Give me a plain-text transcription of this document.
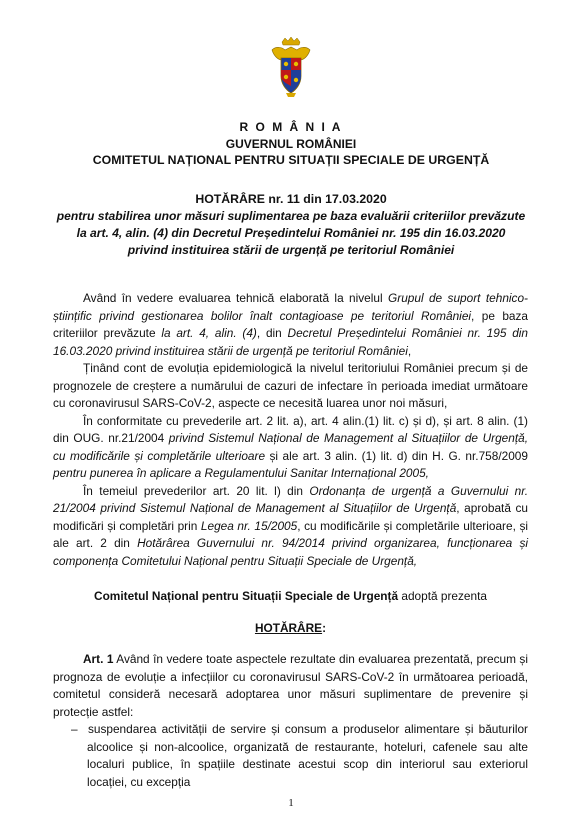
R O M Â N I A
GUVERNUL ROMÂNIEI
COMITETUL NAȚIONAL PENTRU SITUAȚII SPECIALE DE URGENȚĂ
HOTĂRÂRE nr. 11 din 17.03.2020
pentru stabilirea unor măsuri suplimentarea pe baza evaluării criteriilor prevăzute la art. 4, alin. (4) din Decretul Președintelui României nr. 195 din 16.03.2020 privind instituirea stării de urgență pe teritoriul României

Având în vedere evaluarea tehnică elaborată la nivelul Grupul de suport tehnico-științific privind gestionarea bolilor înalt contagioase pe teritoriul României, pe baza criteriilor prevăzute la art. 4, alin. (4), din Decretul Președintelui României nr. 195 din 16.03.2020 privind instituirea stării de urgență pe teritoriul României,

Ținând cont de evoluția epidemiologică la nivelul teritoriului României precum și de prognozele de creștere a numărului de cazuri de infectare în perioada imediat următoare cu coronavirusul SARS-CoV-2, aspecte ce necesită luarea unor noi măsuri,

În conformitate cu prevederile art. 2 lit. a), art. 4 alin.(1) lit. c) și d), și art. 8 alin. (1) din OUG. nr.21/2004 privind Sistemul Național de Management al Situațiilor de Urgență, cu modificările și completările ulterioare și ale art. 3 alin. (1) lit. d) din H. G. nr.758/2009 pentru punerea în aplicare a Regulamentului Sanitar Internațional 2005,

În temeiul prevederilor art. 20 lit. l) din Ordonanța de urgență a Guvernului nr. 21/2004 privind Sistemul Național de Management al Situațiilor de Urgență, aprobată cu modificări și completări prin Legea nr. 15/2005, cu modificările și completările ulterioare, și ale art. 2 din Hotărârea Guvernului nr. 94/2014 privind organizarea, funcționarea și componența Comitetului Național pentru Situații Speciale de Urgență,

Comitetul Național pentru Situații Speciale de Urgență adoptă prezenta

HOTĂRÂRE:

Art. 1 Având în vedere toate aspectele rezultate din evaluarea prezentată, precum și prognoza de evoluție a infecțiilor cu coronavirusul SARS-CoV-2 în următoarea perioadă, comitetul consideră necesară adoptarea unor măsuri suplimentare de prevenire și protecție astfel:

– suspendarea activității de servire și consum a produselor alimentare și băuturilor alcoolice și non-alcoolice, organizată de restaurante, hoteluri, cafenele sau alte localuri publice, în spațiile destinate acestui scop din interiorul sau exteriorul locației, cu excepția

1
